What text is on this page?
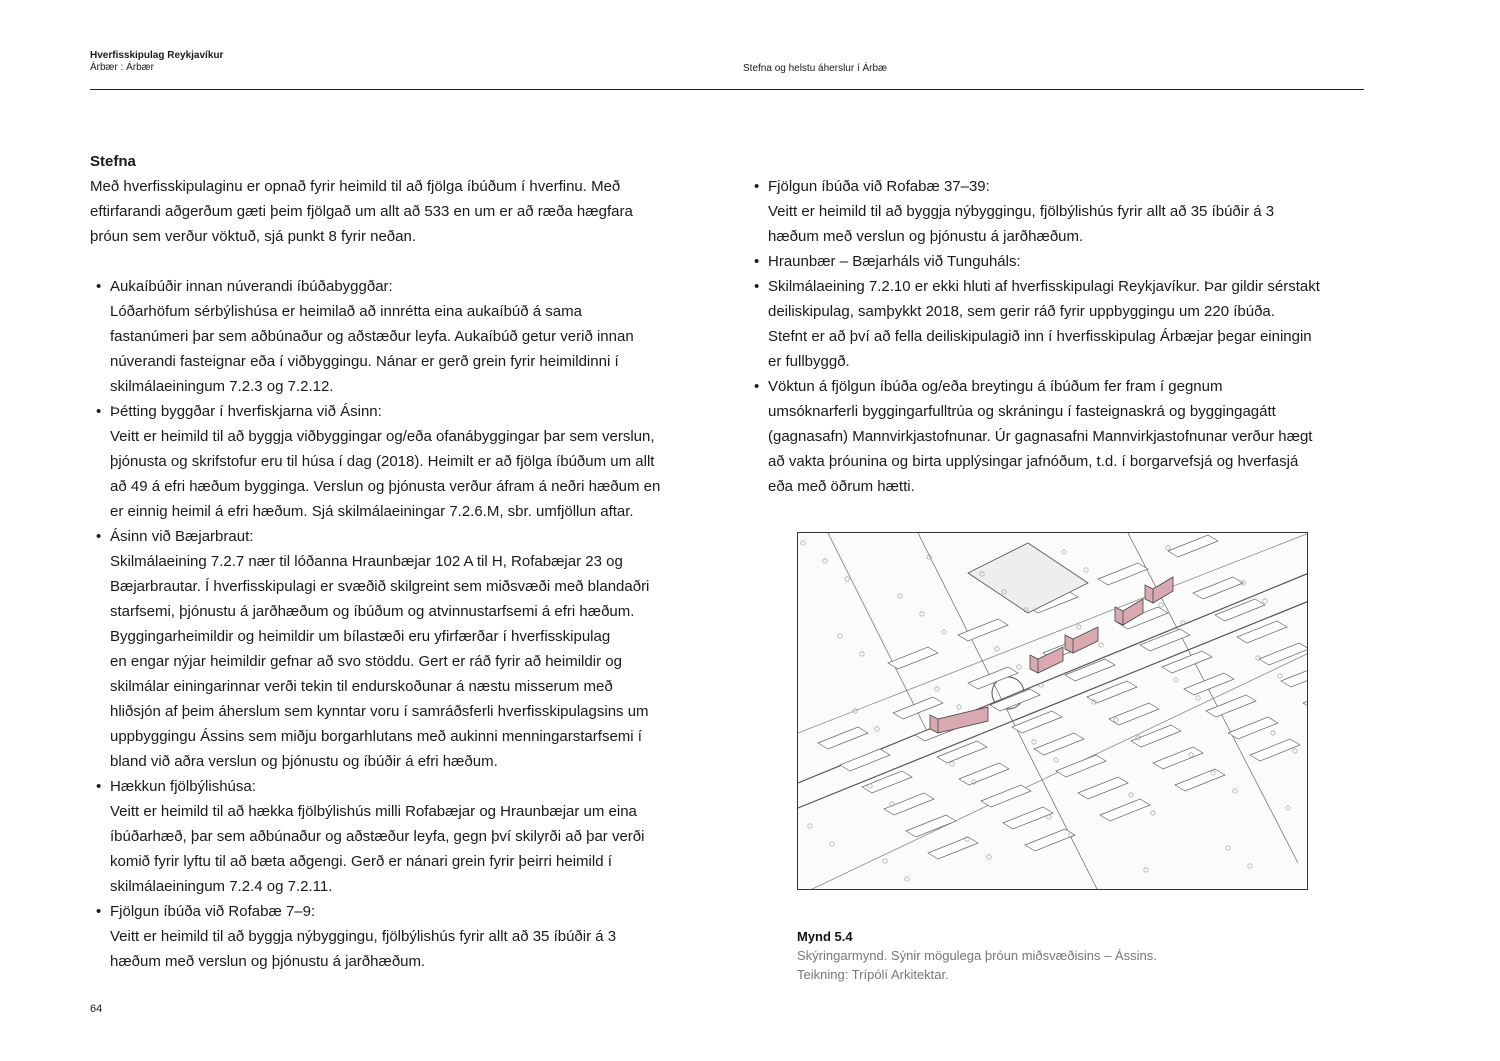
Hverfisskipulag Reykjavíkur
Árbær : Árbær	Stefna og helstu áherslur í Árbæ
Stefna
Með hverfisskipulaginu er opnað fyrir heimild til að fjölga íbúðum í hverfinu. Með
eftirfarandi aðgerðum gæti þeim fjölgað um allt að 533 en um er að ræða hægfara
þróun sem verður vöktuð, sjá punkt 8 fyrir neðan.
• Aukaíbúðir innan núverandi íbúðabyggðar:
Lóðarhöfum sérbýlishúsa er heimilað að innrétta eina aukaíbúð á sama
fastanúmeri þar sem aðbúnaður og aðstæður leyfa. Aukaíbúð getur verið innan
núverandi fasteignar eða í viðbyggingu. Nánar er gerð grein fyrir heimildinni í
skilmálaeiningum 7.2.3 og 7.2.12.
• Þétting byggðar í hverfiskjarna við Ásinn:
Veitt er heimild til að byggja viðbyggingar og/eða ofanábyggingar þar sem verslun,
þjónusta og skrifstofur eru til húsa í dag (2018). Heimilt er að fjölga íbúðum um allt
að 49 á efri hæðum bygginga. Verslun og þjónusta verður áfram á neðri hæðum en
er einnig heimil á efri hæðum. Sjá skilmálaeiningar 7.2.6.M, sbr. umfjöllun aftar.
• Ásinn við Bæjarbraut:
Skilmálaeining 7.2.7 nær til lóðanna Hraunbæjar 102 A til H, Rofabæjar 23 og
Bæjarbrautar. Í hverfisskipulagi er svæðið skilgreint sem miðsvæði með blandaðri
starfsemi, þjónustu á jarðhæðum og íbúðum og atvinnustarfsemi á efri hæðum.
Byggingarheimildir og heimildir um bílastæði eru yfirfærðar í hverfisskipulag
en engar nýjar heimildir gefnar að svo stöddu. Gert er ráð fyrir að heimildir og
skilmálar einingarinnar verði tekin til endurskoðunar á næstu misserum með
hliðsjón af þeim áherslum sem kynntar voru í samráðsferli hverfisskipulagsins um
uppbyggingu Ássins sem miðju borgarhlutans með aukinni menningarstarfsemi í
bland við aðra verslun og þjónustu og íbúðir á efri hæðum.
• Hækkun fjölbýlishúsa:
Veitt er heimild til að hækka fjölbýlishús milli Rofabæjar og Hraunbæjar um eina
íbúðarhæð, þar sem aðbúnaður og aðstæður leyfa, gegn því skilyrði að þar verði
komið fyrir lyftu til að bæta aðgengi. Gerð er nánari grein fyrir þeirri heimild í
skilmálaeiningum 7.2.4 og 7.2.11.
• Fjölgun íbúða við Rofabæ 7–9:
Veitt er heimild til að byggja nýbyggingu, fjölbýlishús fyrir allt að 35 íbúðir á 3
hæðum með verslun og þjónustu á jarðhæðum.
• Fjölgun íbúða við Rofabæ 37–39:
Veitt er heimild til að byggja nýbyggingu, fjölbýlishús fyrir allt að 35 íbúðir á 3
hæðum með verslun og þjónustu á jarðhæðum.
• Hraunbær – Bæjarháls við Tunguháls:
• Skilmálaeining 7.2.10 er ekki hluti af hverfisskipulagi Reykjavíkur. Þar gildir sérstakt
deiliskipulag, samþykkt 2018, sem gerir ráð fyrir uppbyggingu um 220 íbúða.
Stefnt er að því að fella deiliskipulagið inn í hverfisskipulag Árbæjar þegar einingin
er fullbyggð.
• Vöktun á fjölgun íbúða og/eða breytingu á íbúðum fer fram í gegnum
umsóknarferli byggingarfulltrúa og skráningu í fasteignaskrá og byggingagátt
(gagnasafn) Mannvirkjastofnunar. Úr gagnasafni Mannvirkjastofnunar verður hægt
að vakta þróunina og birta upplýsingar jafnóðum, t.d. í borgarvefsjá og hverfasjá
eða með öðrum hætti.
Mynd 5.4
Skýringarmynd. Sýnir mögulega þróun miðsvæðisins – Ássins.
Teikning: Trípólí Arkitektar.
64
